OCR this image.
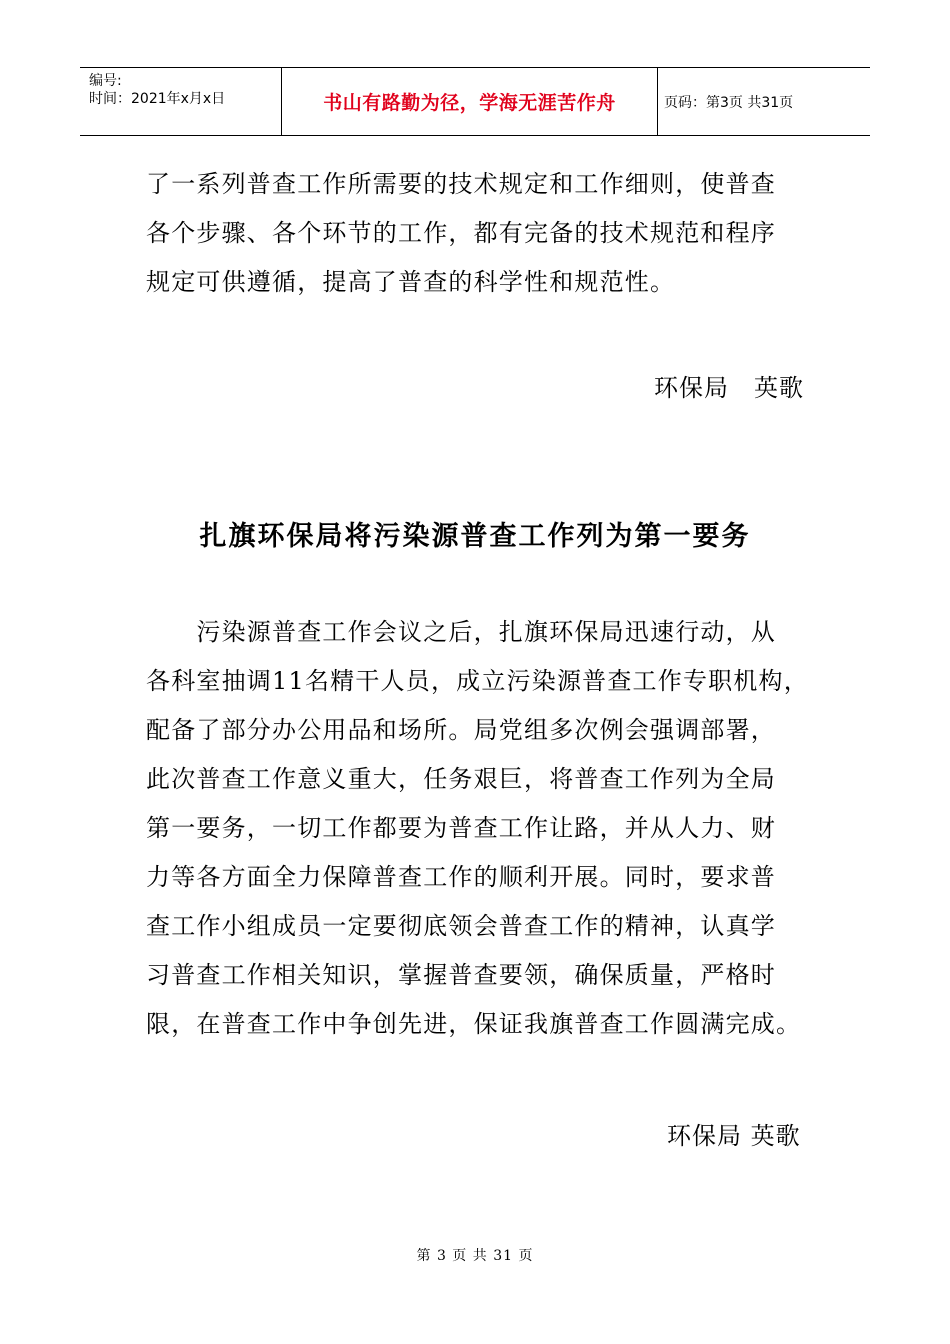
编号:
时间：2021年x月x日	书山有路勤为径，学海无涯苦作舟	页码：第3页 共31页
了一系列普查工作所需要的技术规定和工作细则，使普查
各个步骤、各个环节的工作，都有完备的技术规范和程序
规定可供遵循，提高了普查的科学性和规范性。
环保局　英歌
扎旗环保局将污染源普查工作列为第一要务
　　污染源普查工作会议之后，扎旗环保局迅速行动，从
各科室抽调11名精干人员，成立污染源普查工作专职机构，
配备了部分办公用品和场所。局党组多次例会强调部署，
此次普查工作意义重大，任务艰巨，将普查工作列为全局
第一要务，一切工作都要为普查工作让路，并从人力、财
力等各方面全力保障普查工作的顺利开展。同时，要求普
查工作小组成员一定要彻底领会普查工作的精神，认真学
习普查工作相关知识，掌握普查要领，确保质量，严格时
限，在普查工作中争创先进，保证我旗普查工作圆满完成。
环保局 英歌
第 3 页 共 31 页
